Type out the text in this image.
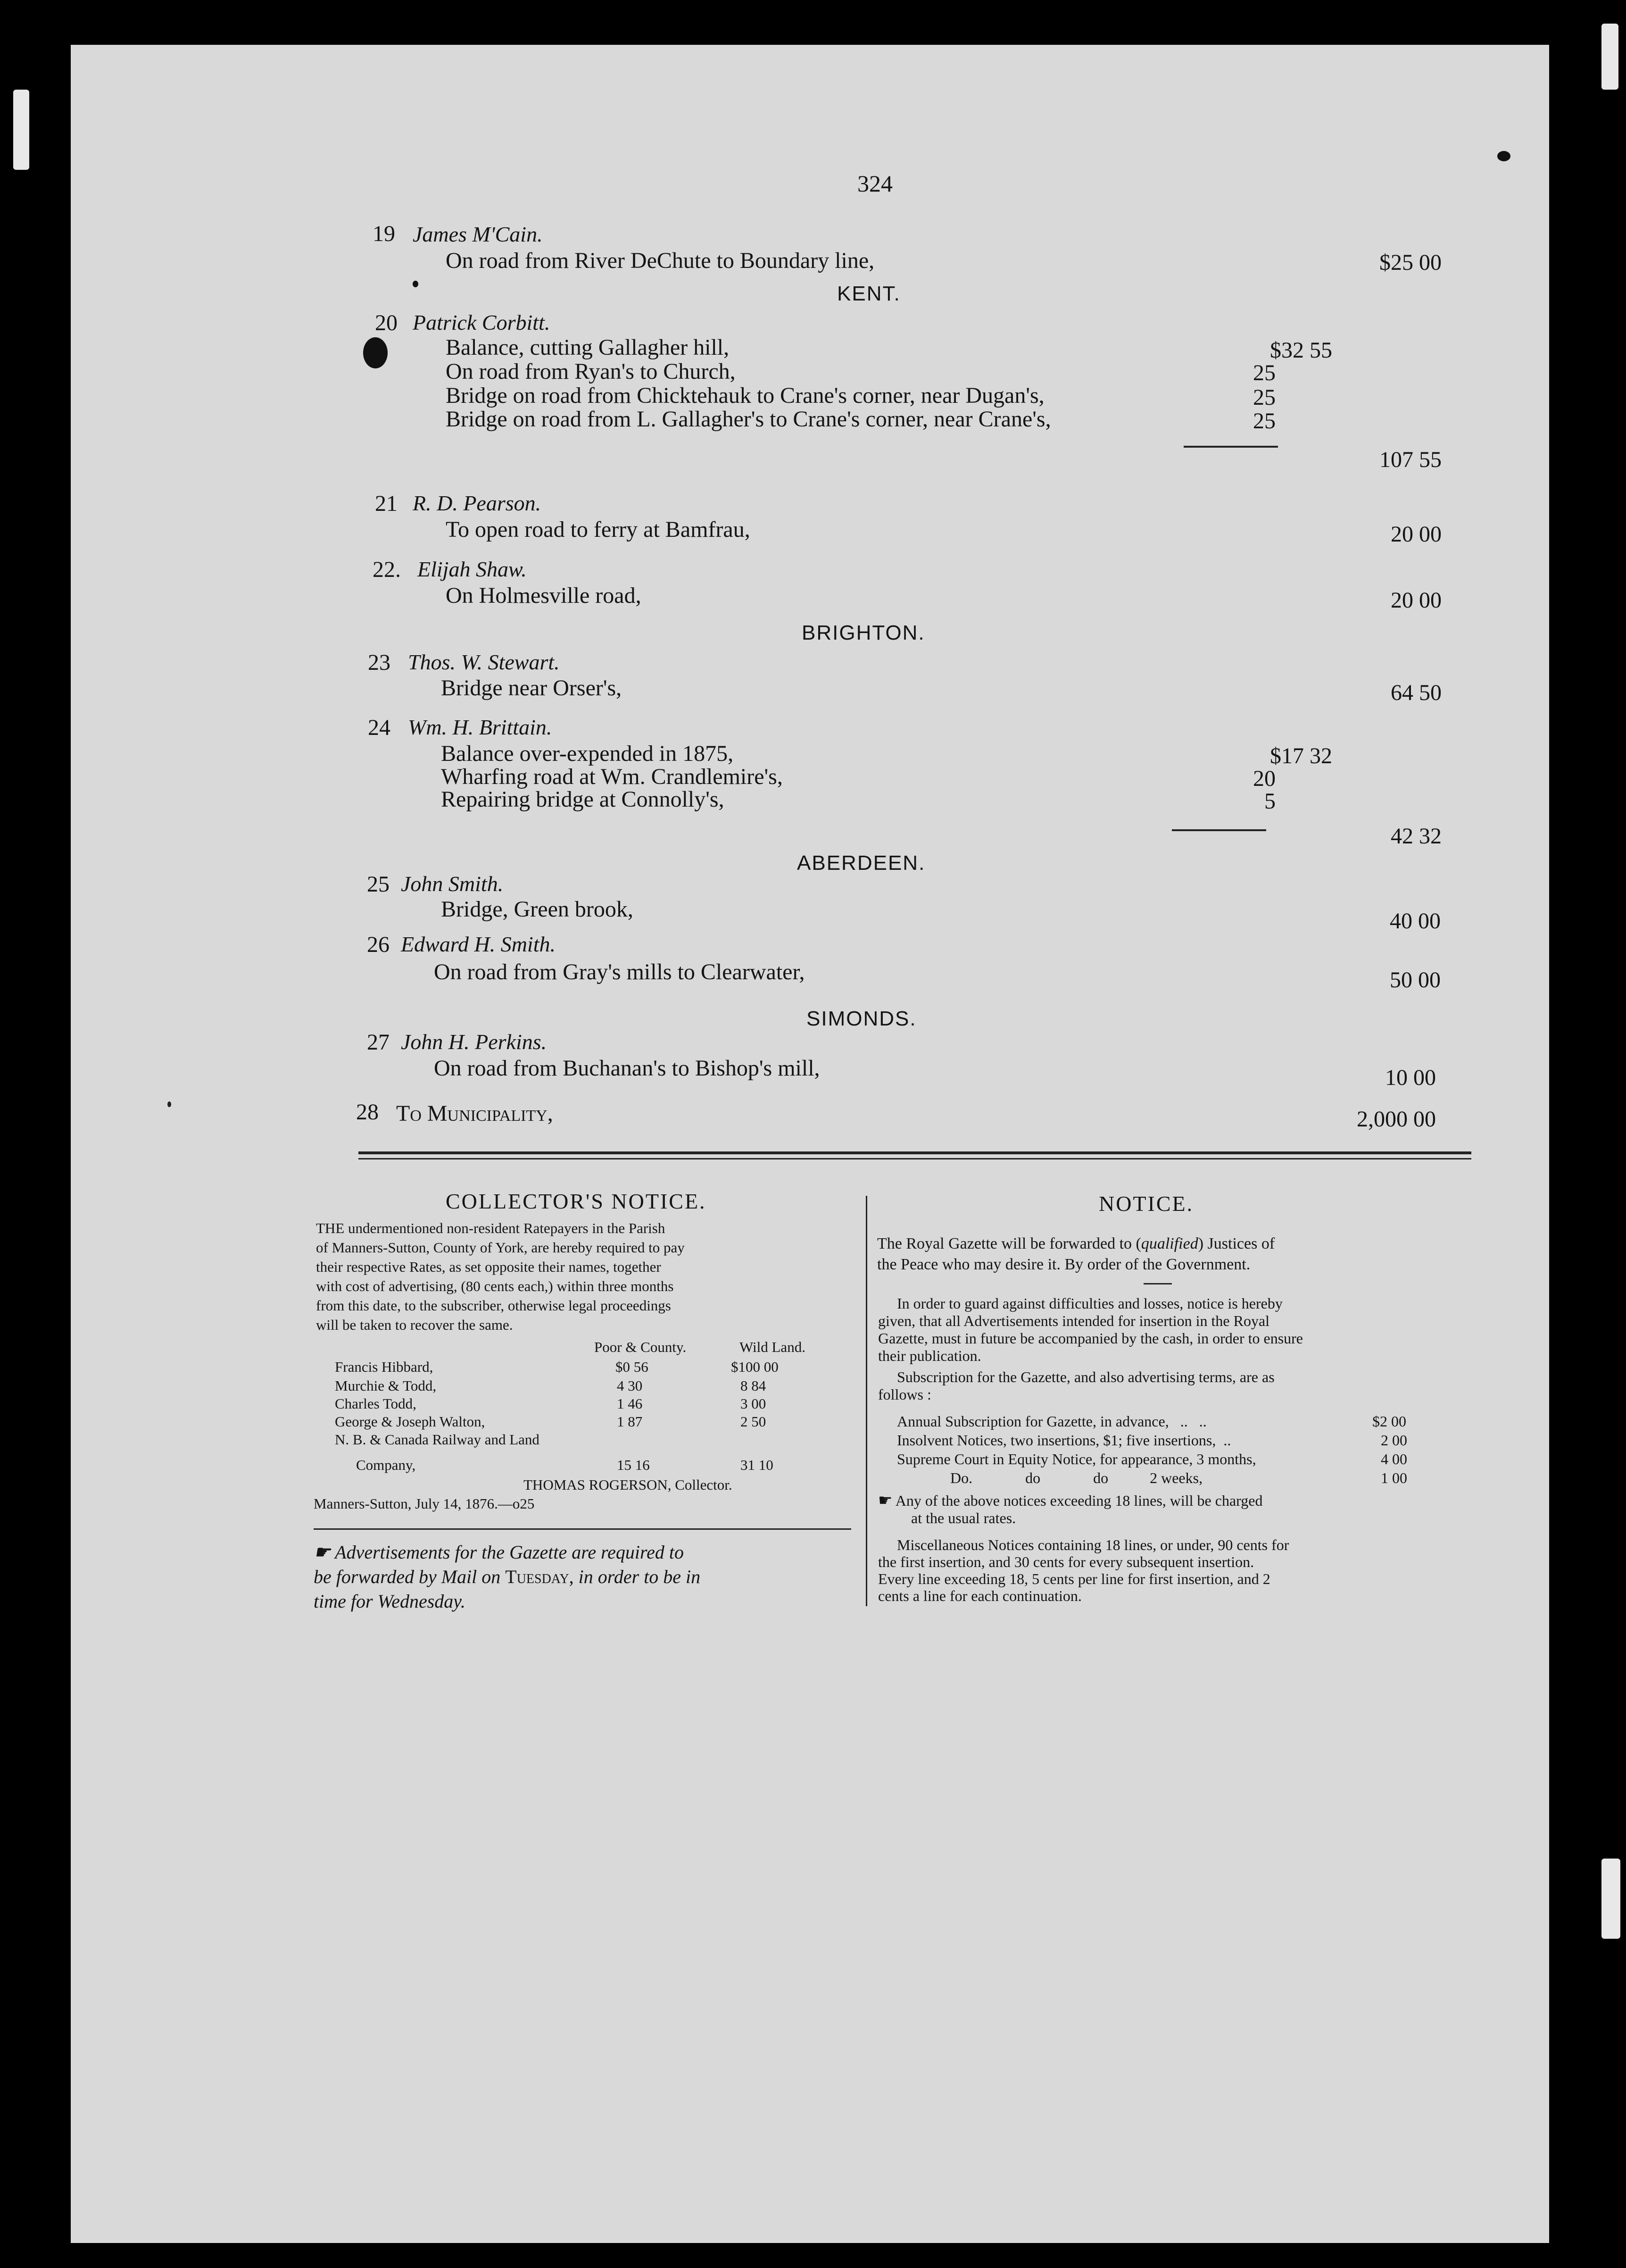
324
19 James M'Cain.
On road from River DeChute to Boundary line,	$25 00
KENT.
20 Patrick Corbitt.
Balance, cutting Gallagher hill,	$32 55
On road from Ryan's to Church,	25
Bridge on road from Chicktehauk to Crane's corner, near Dugan's,	25
Bridge on road from L. Gallagher's to Crane's corner, near Crane's,	25
107 55
21 R. D. Pearson.
To open road to ferry at Bamfrau,	20 00
22. Elijah Shaw.
On Holmesville road,	20 00
BRIGHTON.
23 Thos. W. Stewart.
Bridge near Orser's,	64 50
24 Wm. H. Brittain.
Balance over-expended in 1875,	$17 32
Wharfing road at Wm. Crandlemire's,	20
Repairing bridge at Connolly's,	5
42 32
ABERDEEN.
25 John Smith.
Bridge, Green brook,	40 00
26 Edward H. Smith.
On road from Gray's mills to Clearwater,	50 00
SIMONDS.
27 John H. Perkins.
On road from Buchanan's to Bishop's mill,	10 00
28 To Municipality,	2,000 00
COLLECTOR'S NOTICE.
THE undermentioned non-resident Ratepayers in the Parish
of Manners-Sutton, County of York, are hereby required to pay
their respective Rates, as set opposite their names, together
with cost of advertising, (80 cents each,) within three months
from this date, to the subscriber, otherwise legal proceedings
will be taken to recover the same.
Poor & County.	Wild Land.
Francis Hibbard,	$0 56	$100 00
Murchie & Todd,	4 30	8 84
Charles Todd,	1 46	3 00
George & Joseph Walton,	1 87	2 50
N. B. & Canada Railway and Land
Company,	15 16	31 10
THOMAS ROGERSON, Collector.
Manners-Sutton, July 14, 1876.—o25
☛ Advertisements for the Gazette are required to
be forwarded by Mail on Tuesday, in order to be in
time for Wednesday.
NOTICE.
The Royal Gazette will be forwarded to (qualified) Justices of
the Peace who may desire it. By order of the Government.
In order to guard against difficulties and losses, notice is hereby
given, that all Advertisements intended for insertion in the Royal
Gazette, must in future be accompanied by the cash, in order to ensure
their publication.
Subscription for the Gazette, and also advertising terms, are as
follows :
Annual Subscription for Gazette, in advance,   ..   ..	$2 00
Insolvent Notices, two insertions, $1; five insertions,  ..	2 00
Supreme Court in Equity Notice, for appearance, 3 months,	4 00
Do.              do              do           2 weeks,	1 00
☛ Any of the above notices exceeding 18 lines, will be charged
at the usual rates.
Miscellaneous Notices containing 18 lines, or under, 90 cents for
the first insertion, and 30 cents for every subsequent insertion.
Every line exceeding 18, 5 cents per line for first insertion, and 2
cents a line for each continuation.
